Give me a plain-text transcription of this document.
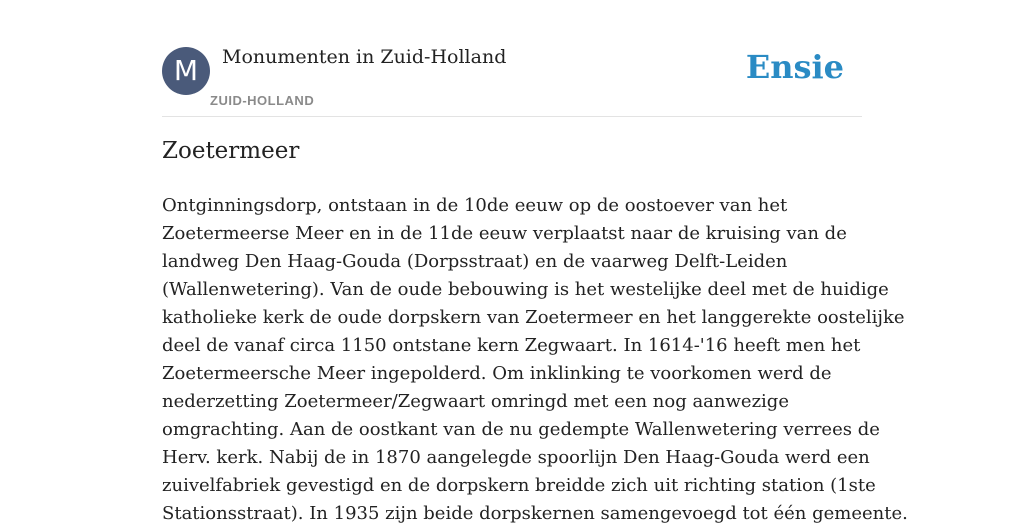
M	Monumenten in Zuid-Holland
ZUID-HOLLAND
Ensie
Zoetermeer
Ontginningsdorp, ontstaan in de 10de eeuw op de oostoever van het
Zoetermeerse Meer en in de 11de eeuw verplaatst naar de kruising van de
landweg Den Haag-Gouda (Dorpsstraat) en de vaarweg Delft-Leiden
(Wallenwetering). Van de oude bebouwing is het westelijke deel met de huidige
katholieke kerk de oude dorpskern van Zoetermeer en het langgerekte oostelijke
deel de vanaf circa 1150 ontstane kern Zegwaart. In 1614-'16 heeft men het
Zoetermeersche Meer ingepolderd. Om inklinking te voorkomen werd de
nederzetting Zoetermeer/Zegwaart omringd met een nog aanwezige
omgrachting. Aan de oostkant van de nu gedempte Wallenwetering verrees de
Herv. kerk. Nabij de in 1870 aangelegde spoorlijn Den Haag-Gouda werd een
zuivelfabriek gevestigd en de dorpskern breidde zich uit richting station (1ste
Stationsstraat). In 1935 zijn beide dorpskernen samengevoegd tot één gemeente.
